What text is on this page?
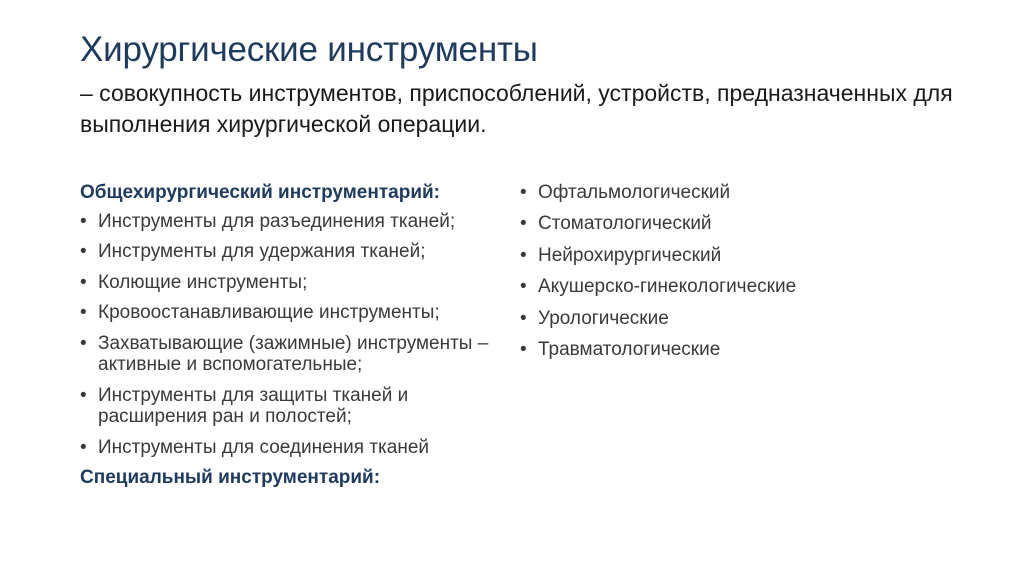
Хирургические инструменты

– совокупность инструментов, приспособлений, устройств, предназначенных для выполнения хирургической операции.

Общехирургический инструментарий:
• Инструменты для разъединения тканей;
• Инструменты для удержания тканей;
• Колющие инструменты;
• Кровоостанавливающие инструменты;
• Захватывающие (зажимные) инструменты – активные и вспомогательные;
• Инструменты для защиты тканей и расширения ран и полостей;
• Инструменты для соединения тканей
Специальный инструментарий:
• Офтальмологический
• Стоматологический
• Нейрохирургический
• Акушерско-гинекологические
• Урологические
• Травматологические
